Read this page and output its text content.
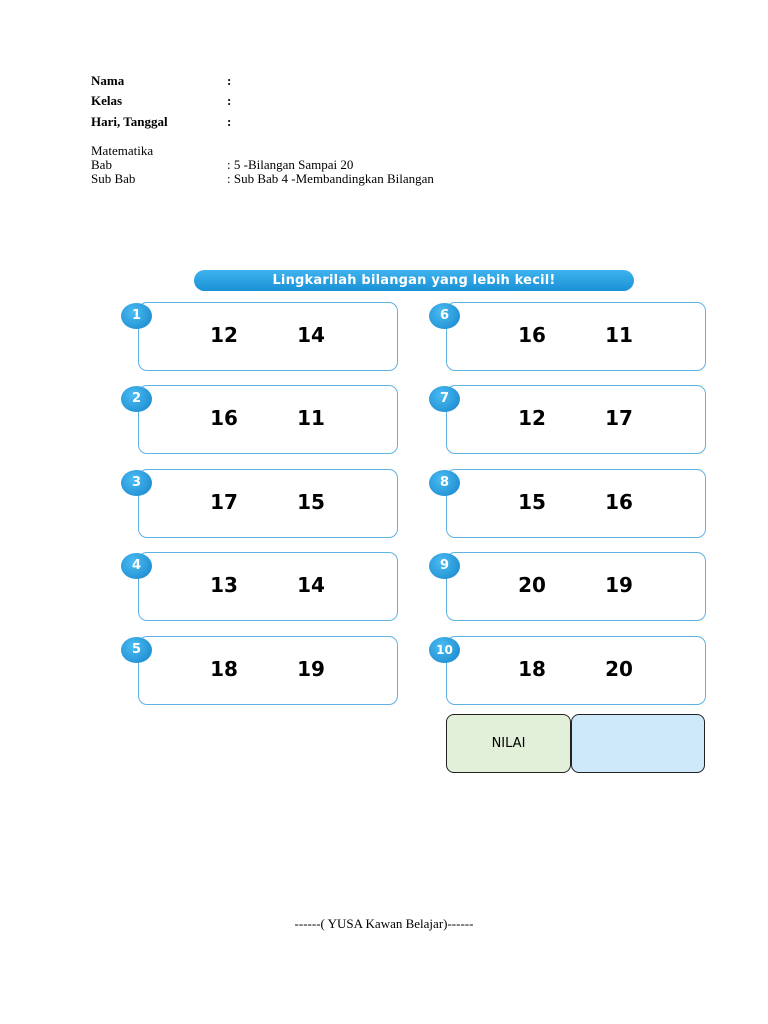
Nama	:
Kelas	:
Hari, Tanggal	:
Matematika
Bab	: 5 -Bilangan Sampai 20
Sub Bab	: Sub Bab 4 -Membandingkan Bilangan
Lingkarilah bilangan yang lebih kecil!
12	14
1
16	11
2
17	15
3
13	14
4
18	19
5
16	11
6
12	17
7
15	16
8
20	19
9
18	20
10
NILAI
------( YUSA Kawan Belajar)------
